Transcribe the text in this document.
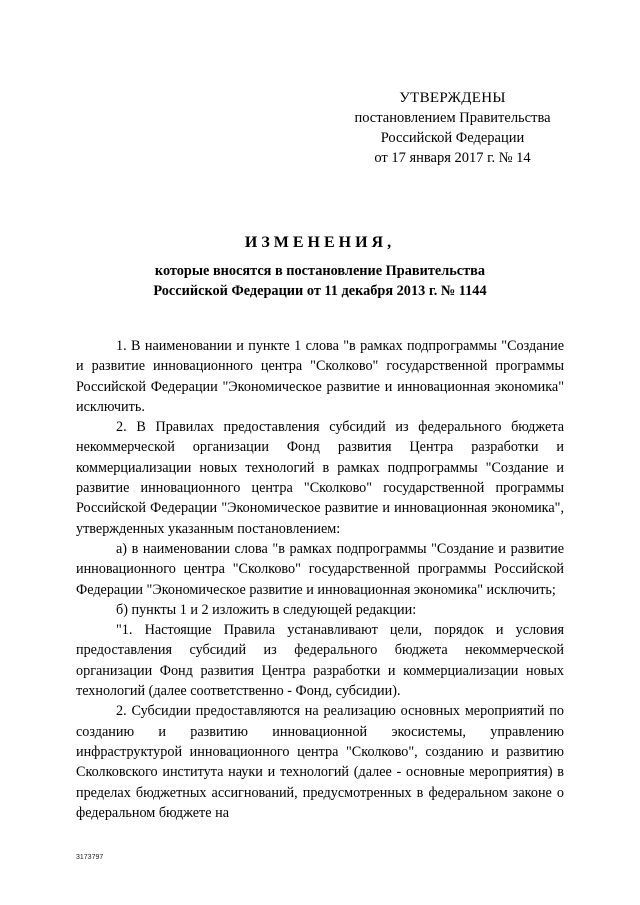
УТВЕРЖДЕНЫ
постановлением Правительства
Российской Федерации
от 17 января 2017 г. № 14
ИЗМЕНЕНИЯ,
которые вносятся в постановление Правительства
Российской Федерации от 11 декабря 2013 г. № 1144

1. В наименовании и пункте 1 слова "в рамках подпрограммы "Создание и развитие инновационного центра "Сколково" государственной программы Российской Федерации "Экономическое развитие и инновационная экономика" исключить.

2. В Правилах предоставления субсидий из федерального бюджета некоммерческой организации Фонд развития Центра разработки и коммерциализации новых технологий в рамках подпрограммы "Создание и развитие инновационного центра "Сколково" государственной программы Российской Федерации "Экономическое развитие и инновационная экономика", утвержденных указанным постановлением:

а) в наименовании слова "в рамках подпрограммы "Создание и развитие инновационного центра "Сколково" государственной программы Российской Федерации "Экономическое развитие и инновационная экономика" исключить;

б) пункты 1 и 2 изложить в следующей редакции:

"1. Настоящие Правила устанавливают цели, порядок и условия предоставления субсидий из федерального бюджета некоммерческой организации Фонд развития Центра разработки и коммерциализации новых технологий (далее соответственно - Фонд, субсидии).

2. Субсидии предоставляются на реализацию основных мероприятий по созданию и развитию инновационной экосистемы, управлению инфраструктурой инновационного центра "Сколково", созданию и развитию Сколковского института науки и технологий (далее - основные мероприятия) в пределах бюджетных ассигнований, предусмотренных в федеральном законе о федеральном бюджете на

3173797
